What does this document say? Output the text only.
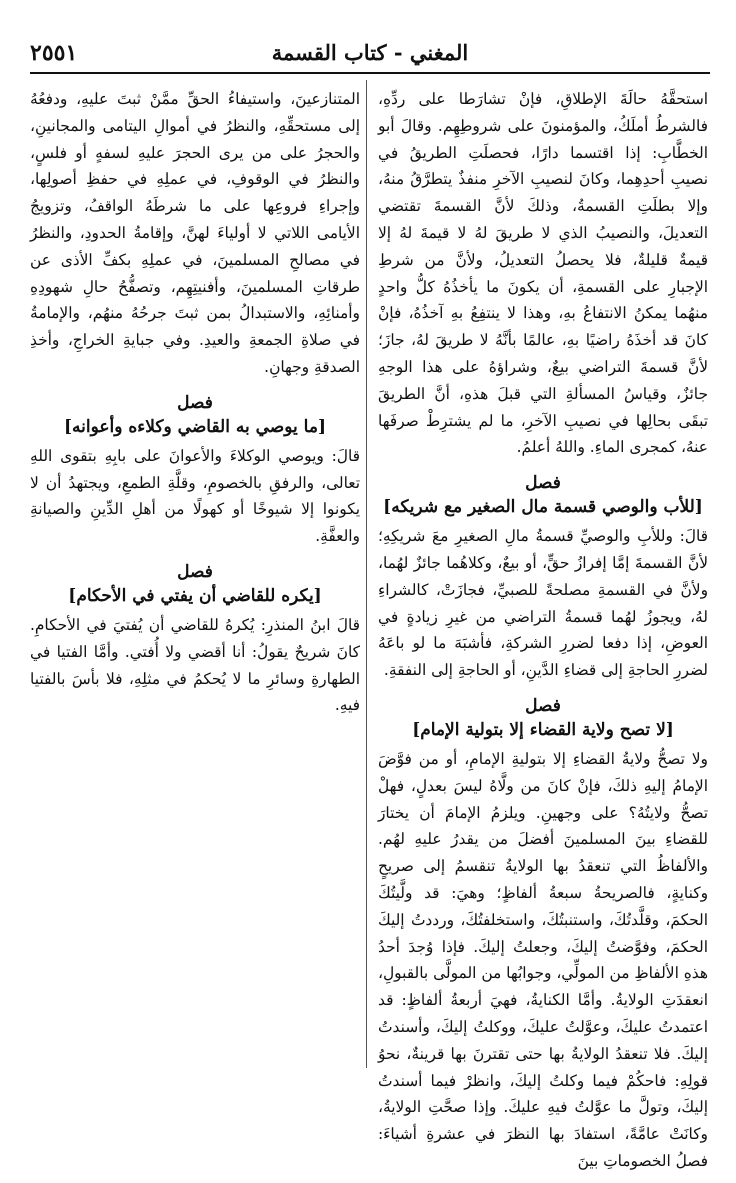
٢٥٥١	المغني - كتاب القسمة

استحقَّهُ حالَةَ الإطلاقِ، فإنْ تشارَطا على ردِّهِ، فالشرطُ أملَكُ، والمؤمنونَ على شروطِهِم. وقالَ أبو الخطَّابِ: إذا اقتسما دارًا، فحصلَتِ الطريقُ في نصيبِ أحدِهِما، وكانَ لنصيبِ الآخرِ منفذٌ يتطرَّقُ منهُ، وإلا بطلَتِ القسمةُ، وذلكَ لأنَّ القسمةَ تقتضي التعديلَ، والنصيبُ الذي لا طريقَ لهُ لا قيمةَ لهُ إلا قيمةٌ قليلةٌ، فلا يحصلُ التعديلُ، ولأنَّ من شرطِ الإجبارِ على القسمةِ، أن يكونَ ما يأخذُهُ كلُّ واحدٍ منهُما يمكنُ الانتفاعُ بهِ، وهذا لا ينتفِعُ بهِ آخذُهُ، فإنْ كانَ قد أخذَهُ راضيًا بهِ، عالمًا بأنَّهُ لا طريقَ لهُ، جازَ؛ لأنَّ قسمةَ التراضي بيعٌ، وشراؤهُ على هذا الوجهِ جائزٌ، وقياسُ المسألةِ التي قبلَ هذهِ، أنَّ الطريقَ تبقَى بحالِها في نصيبِ الآخرِ، ما لم يشترِطْ صرفَها عنهُ، كمجرى الماءِ. واللهُ أعلمُ.

فصل
[للأب والوصي قسمة مال الصغير مع شريكه]

قالَ: وللأبِ والوصيِّ قسمةُ مالِ الصغيرِ معَ شريكِهِ؛ لأنَّ القسمةَ إمَّا إفرازُ حقٍّ، أو بيعٌ، وكلاهُما جائزٌ لهُما، ولأنَّ في القسمةِ مصلحةً للصبيِّ، فجازَتْ، كالشراءِ لهُ، ويجوزُ لهُما قسمةُ التراضي من غيرِ زيادةٍ في العوضِ، إذا دفعا لضررِ الشركةِ، فأشبَهَ ما لو باعَهُ لضررِ الحاجةِ إلى قضاءِ الدَّينِ، أو الحاجةِ إلى النفقةِ.

فصل
[لا تصح ولاية القضاء إلا بتولية الإمام]

ولا تصحُّ ولايةُ القضاءِ إلا بتوليةِ الإمامِ، أو من فوَّضَ الإمامُ إليهِ ذلكَ، فإنْ كانَ من ولَّاهُ ليسَ بعدلٍ، فهلْ تصحُّ ولايتُهُ؟ على وجهينِ. ويلزمُ الإمامَ أن يختارَ للقضاءِ بينَ المسلمينَ أفضلَ من يقدرُ عليهِ لهُم. والألفاظُ التي تنعقدُ بها الولايةُ تنقسمُ إلى صريحٍ وكنايةٍ، فالصريحةُ سبعةُ ألفاظٍ؛ وهيَ: قد ولَّيتُكَ الحكمَ، وقلَّدتُكَ، واستنبتُكَ، واستخلفتُكَ، ورددتُ إليكَ الحكمَ، وفوَّضتُ إليكَ، وجعلتُ إليكَ. فإذا وُجدَ أحدُ هذهِ الألفاظِ من المولِّي، وجوابُها من المولَّى بالقبولِ، انعقدَتِ الولايةُ. وأمَّا الكنايةُ، فهيَ أربعةُ ألفاظٍ: قد اعتمدتُ عليكَ، وعوَّلتُ عليكَ، ووكلتُ إليكَ، وأسندتُ إليكَ. فلا تنعقدُ الولايةُ بها حتى تقترنَ بها قرينةٌ، نحوُ قولِهِ: فاحكُمْ فيما وكلتُ إليكَ، وانظرْ فيما أسندتُ إليكَ، وتولَّ ما عوَّلتُ فيهِ عليكَ. وإذا صحَّتِ الولايةُ، وكانَتْ عامَّةً، استفادَ بها النظرَ في عشرةِ أشياءَ: فصلُ الخصوماتِ بينَ

المتنازعينَ، واستيفاءُ الحقِّ ممَّنْ ثبتَ عليهِ، ودفعُهُ إلى مستحقِّهِ، والنظرُ في أموالِ اليتامى والمجانينِ، والحجرُ على من يرى الحجرَ عليهِ لسفهٍ أو فلسٍ، والنظرُ في الوقوفِ، في عملِهِ في حفظِ أصولِها، وإجراءِ فروعِها على ما شرطَهُ الواقفُ، وتزويجُ الأيامى اللاتي لا أولياءَ لهنَّ، وإقامةُ الحدودِ، والنظرُ في مصالحِ المسلمينَ، في عملِهِ بكفِّ الأذى عن طرقاتِ المسلمينَ، وأفنيتِهِم، وتصفُّحُ حالِ شهودِهِ وأمنائِهِ، والاستبدالُ بمن ثبتَ جرحُهُ منهُم، والإمامةُ في صلاةِ الجمعةِ والعيدِ. وفي جبايةِ الخراجِ، وأخذِ الصدقةِ وجهانِ.

فصل
[ما يوصي به القاضي وكلاءه وأعوانه]

قالَ: ويوصي الوكلاءَ والأعوانَ على بابِهِ بتقوى اللهِ تعالى، والرفقِ بالخصومِ، وقلَّةِ الطمعِ، ويجتهدُ أن لا يكونوا إلا شيوخًا أو كهولًا من أهلِ الدِّينِ والصيانةِ والعفَّةِ.

فصل
[يكره للقاضي أن يفتي في الأحكام]

قالَ ابنُ المنذرِ: يُكرهُ للقاضي أن يُفتيَ في الأحكامِ. كانَ شريحٌ يقولُ: أنا أقضي ولا أُفتي. وأمَّا الفتيا في الطهارةِ وسائرِ ما لا يُحكمُ في مثلِهِ، فلا بأسَ بالفتيا فيهِ.
